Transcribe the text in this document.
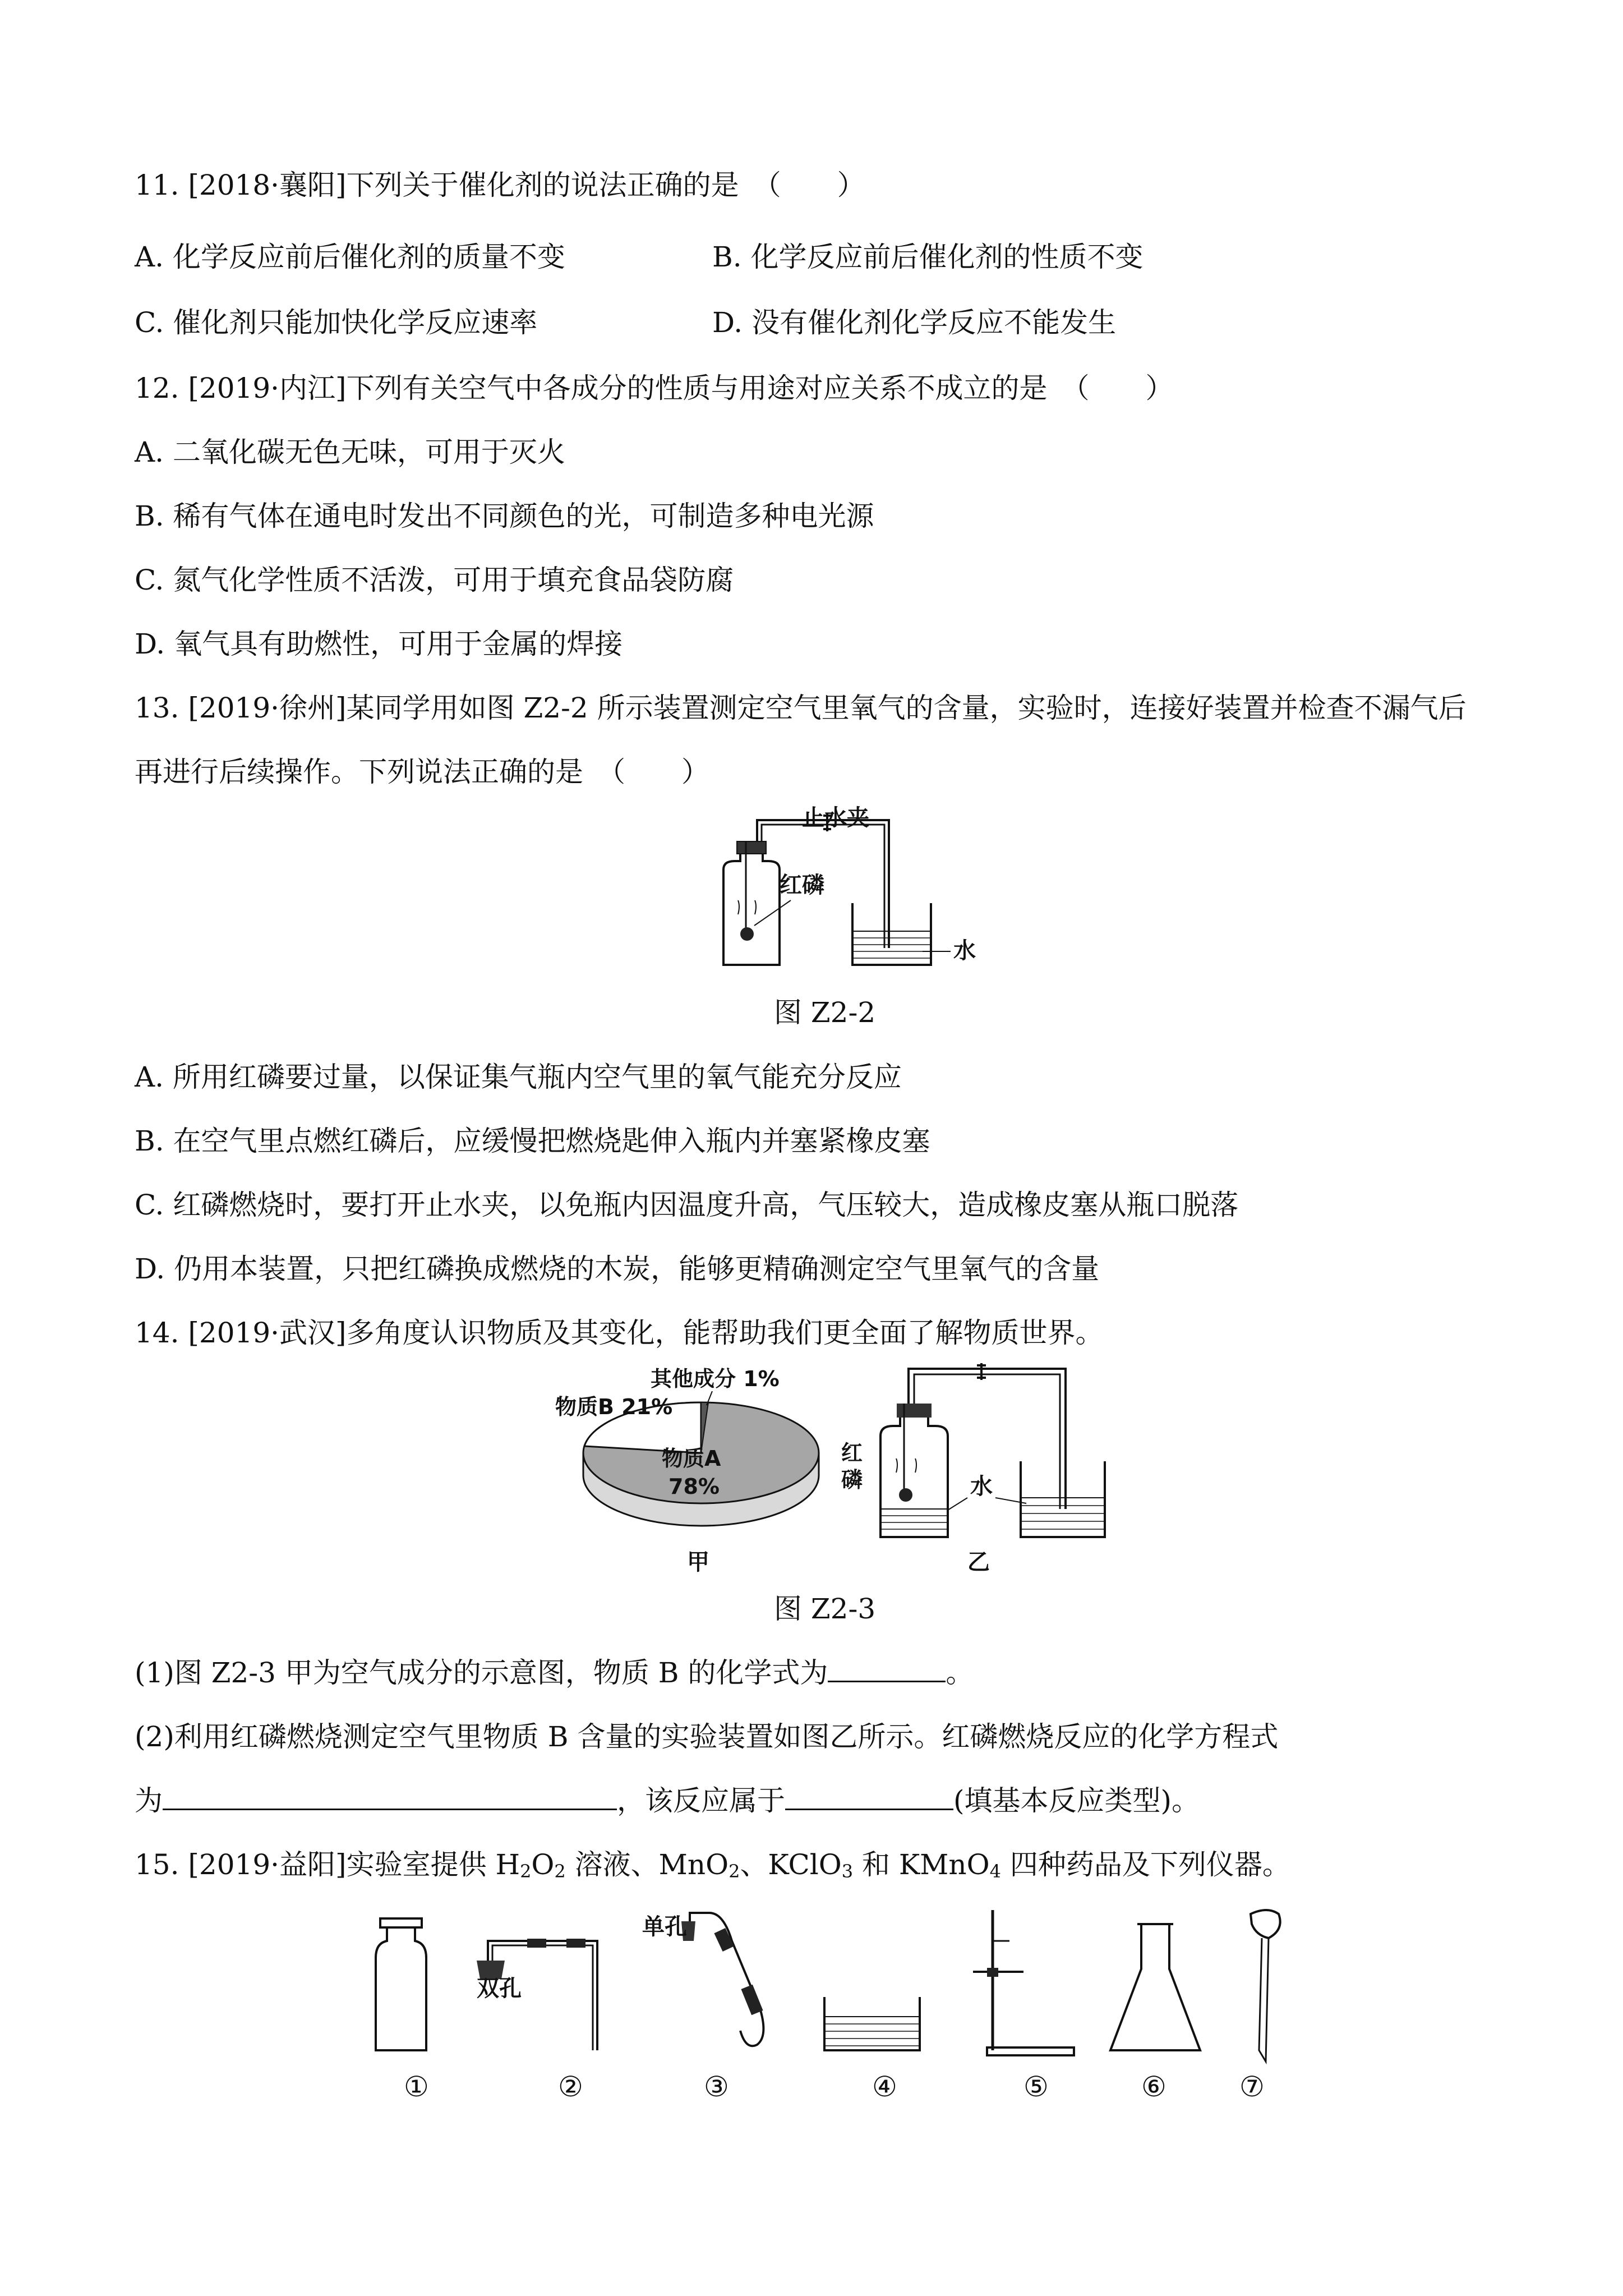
11. [2018·襄阳]下列关于催化剂的说法正确的是　（　　）
A. 化学反应前后催化剂的质量不变	B. 化学反应前后催化剂的性质不变
C. 催化剂只能加快化学反应速率	D. 没有催化剂化学反应不能发生
12. [2019·内江]下列有关空气中各成分的性质与用途对应关系不成立的是　（　　）
A. 二氧化碳无色无味，可用于灭火
B. 稀有气体在通电时发出不同颜色的光，可制造多种电光源
C. 氮气化学性质不活泼，可用于填充食品袋防腐
D. 氧气具有助燃性，可用于金属的焊接
13. [2019·徐州]某同学用如图 Z2-2 所示装置测定空气里氧气的含量，实验时，连接好装置并检查不漏气后
再进行后续操作。下列说法正确的是　（　　）
止水夹
红磷
水
图 Z2-2
A. 所用红磷要过量，以保证集气瓶内空气里的氧气能充分反应
B. 在空气里点燃红磷后，应缓慢把燃烧匙伸入瓶内并塞紧橡皮塞
C. 红磷燃烧时，要打开止水夹，以免瓶内因温度升高，气压较大，造成橡皮塞从瓶口脱落
D. 仍用本装置，只把红磷换成燃烧的木炭，能够更精确测定空气里氧气的含量
14. [2019·武汉]多角度认识物质及其变化，能帮助我们更全面了解物质世界。
其他成分 1%
物质B 21%
物质A
78%
甲
红
磷	水
乙
图 Z2-3
(1)图 Z2-3 甲为空气成分的示意图，物质 B 的化学式为	。
(2)利用红磷燃烧测定空气里物质 B 含量的实验装置如图乙所示。红磷燃烧反应的化学方程式
为	，该反应属于	(填基本反应类型)。
15. [2019·益阳]实验室提供 $H_2O_2$ 溶液、MnO$_2$、KClO$_3$ 和 KMnO$_4$ 四种药品及下列仪器。
双孔
单孔
①	②	③	④	⑤	⑥	⑦
